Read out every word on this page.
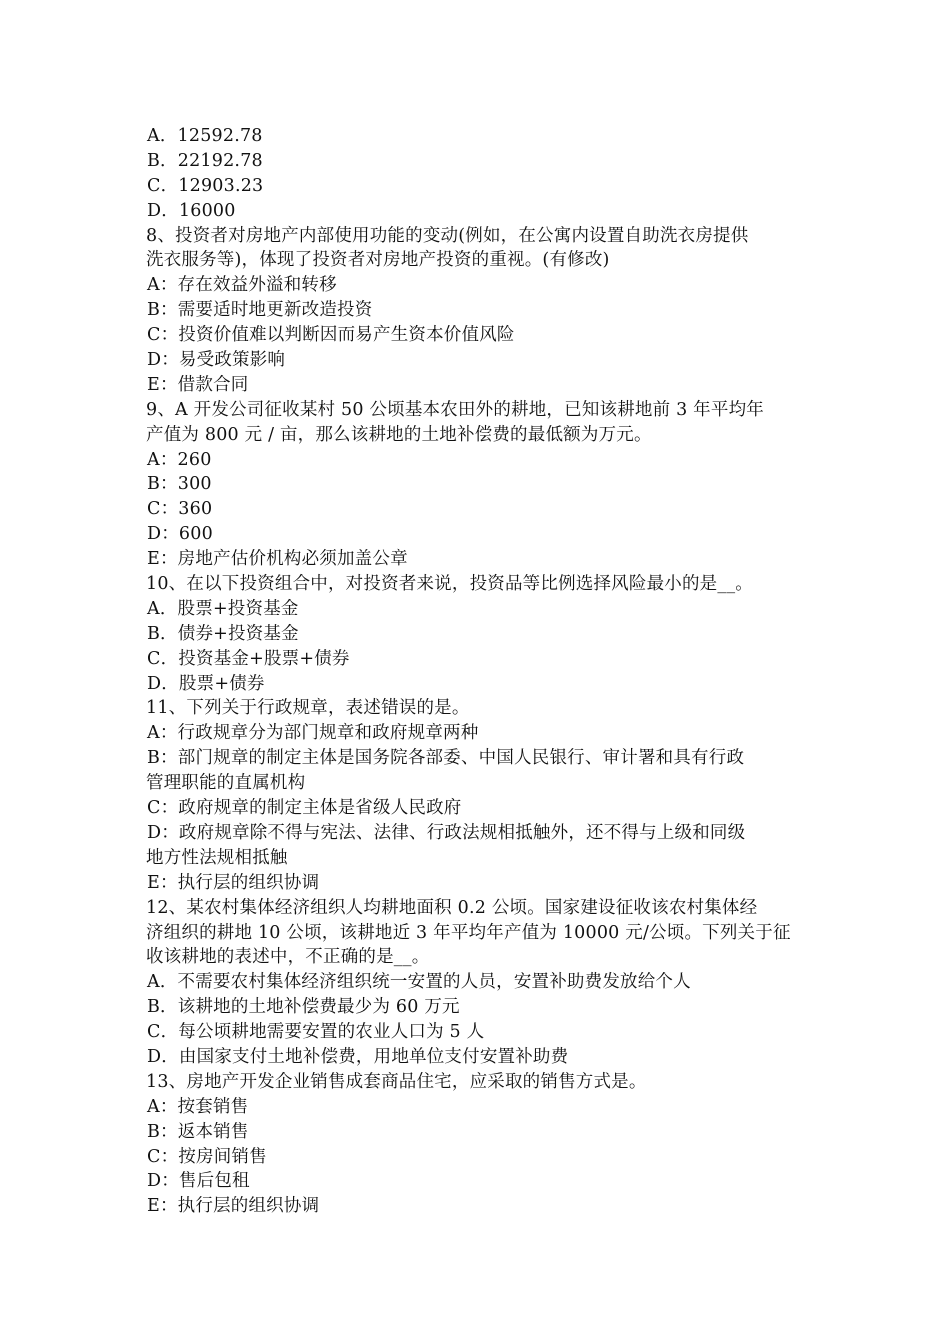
A．12592.78
B．22192.78
C．12903.23
D．16000
8、投资者对房地产内部使用功能的变动(例如，在公寓内设置自助洗衣房提供
洗衣服务等)，体现了投资者对房地产投资的重视。(有修改)
A：存在效益外溢和转移
B：需要适时地更新改造投资
C：投资价值难以判断因而易产生资本价值风险
D：易受政策影响
E：借款合同
9、A 开发公司征收某村 50 公顷基本农田外的耕地，已知该耕地前 3 年平均年
产值为 800 元 / 亩，那么该耕地的土地补偿费的最低额为万元。
A：260
B：300
C：360
D：600
E：房地产估价机构必须加盖公章
10、在以下投资组合中，对投资者来说，投资品等比例选择风险最小的是__。
A．股票+投资基金
B．债券+投资基金
C．投资基金+股票+债券
D．股票+债券
11、下列关于行政规章，表述错误的是。
A：行政规章分为部门规章和政府规章两种
B：部门规章的制定主体是国务院各部委、中国人民银行、审计署和具有行政
管理职能的直属机构
C：政府规章的制定主体是省级人民政府
D：政府规章除不得与宪法、法律、行政法规相抵触外，还不得与上级和同级
地方性法规相抵触
E：执行层的组织协调
12、某农村集体经济组织人均耕地面积 0.2 公顷。国家建设征收该农村集体经
济组织的耕地 10 公顷，该耕地近 3 年平均年产值为 10000 元/公顷。下列关于征
收该耕地的表述中，不正确的是__。
A．不需要农村集体经济组织统一安置的人员，安置补助费发放给个人
B．该耕地的土地补偿费最少为 60 万元
C．每公顷耕地需要安置的农业人口为 5 人
D．由国家支付土地补偿费，用地单位支付安置补助费
13、房地产开发企业销售成套商品住宅，应采取的销售方式是。
A：按套销售
B：返本销售
C：按房间销售
D：售后包租
E：执行层的组织协调
